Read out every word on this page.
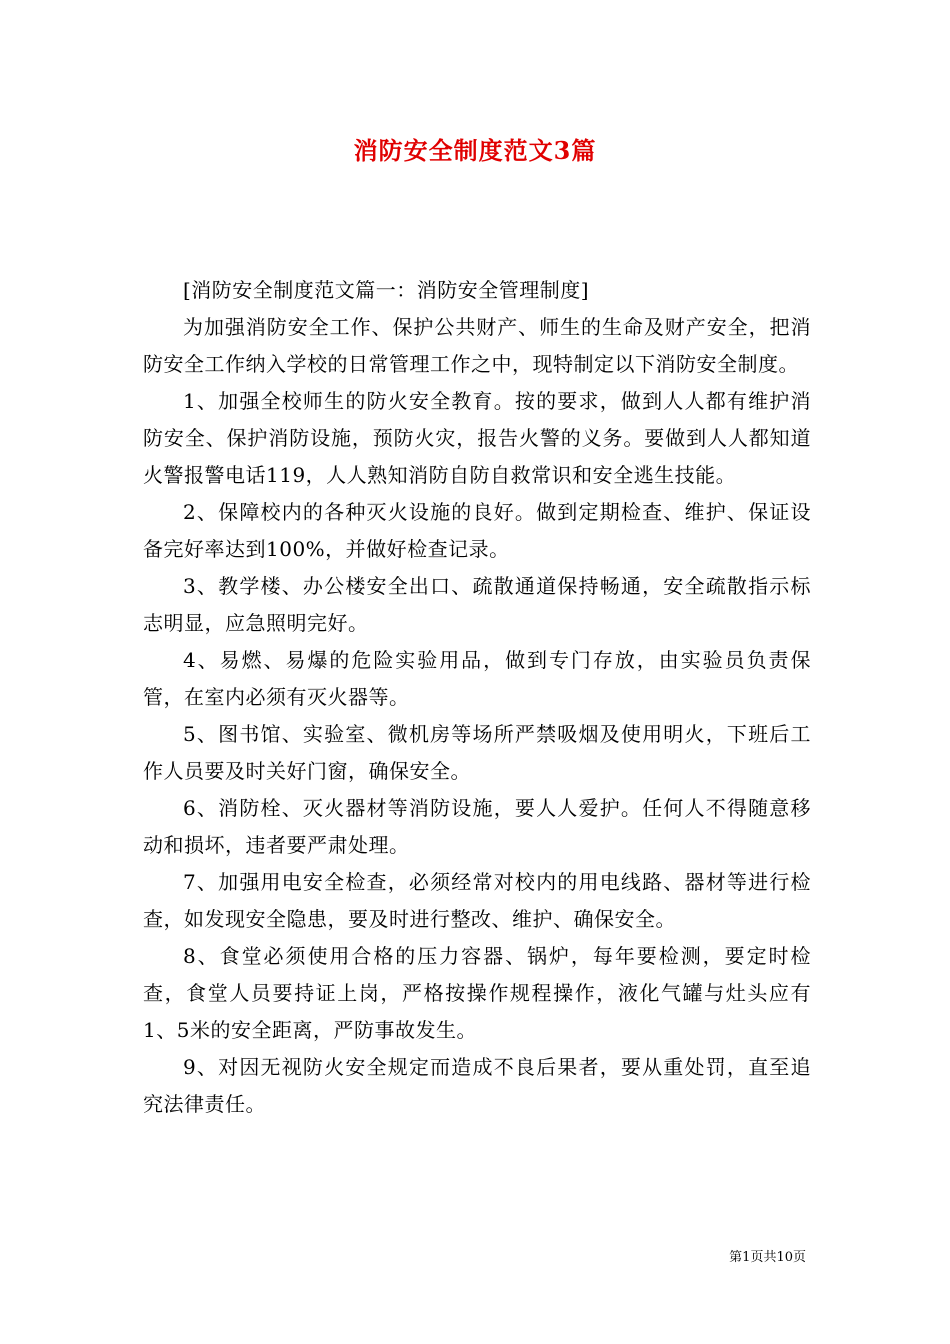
消防安全制度范文3篇

[消防安全制度范文篇一：消防安全管理制度]

为加强消防安全工作、保护公共财产、师生的生命及财产安全，把消防安全工作纳入学校的日常管理工作之中，现特制定以下消防安全制度。

1、加强全校师生的防火安全教育。按的要求，做到人人都有维护消防安全、保护消防设施，预防火灾，报告火警的义务。要做到人人都知道火警报警电话119，人人熟知消防自防自救常识和安全逃生技能。

2、保障校内的各种灭火设施的良好。做到定期检查、维护、保证设备完好率达到100%，并做好检查记录。

3、教学楼、办公楼安全出口、疏散通道保持畅通，安全疏散指示标志明显，应急照明完好。

4、易燃、易爆的危险实验用品，做到专门存放，由实验员负责保管，在室内必须有灭火器等。

5、图书馆、实验室、微机房等场所严禁吸烟及使用明火，下班后工作人员要及时关好门窗，确保安全。

6、消防栓、灭火器材等消防设施，要人人爱护。任何人不得随意移动和损坏，违者要严肃处理。

7、加强用电安全检查，必须经常对校内的用电线路、器材等进行检查，如发现安全隐患，要及时进行整改、维护、确保安全。

8、食堂必须使用合格的压力容器、锅炉，每年要检测，要定时检查，食堂人员要持证上岗，严格按操作规程操作，液化气罐与灶头应有1、5米的安全距离，严防事故发生。

9、对因无视防火安全规定而造成不良后果者，要从重处罚，直至追究法律责任。

第1页共10页
